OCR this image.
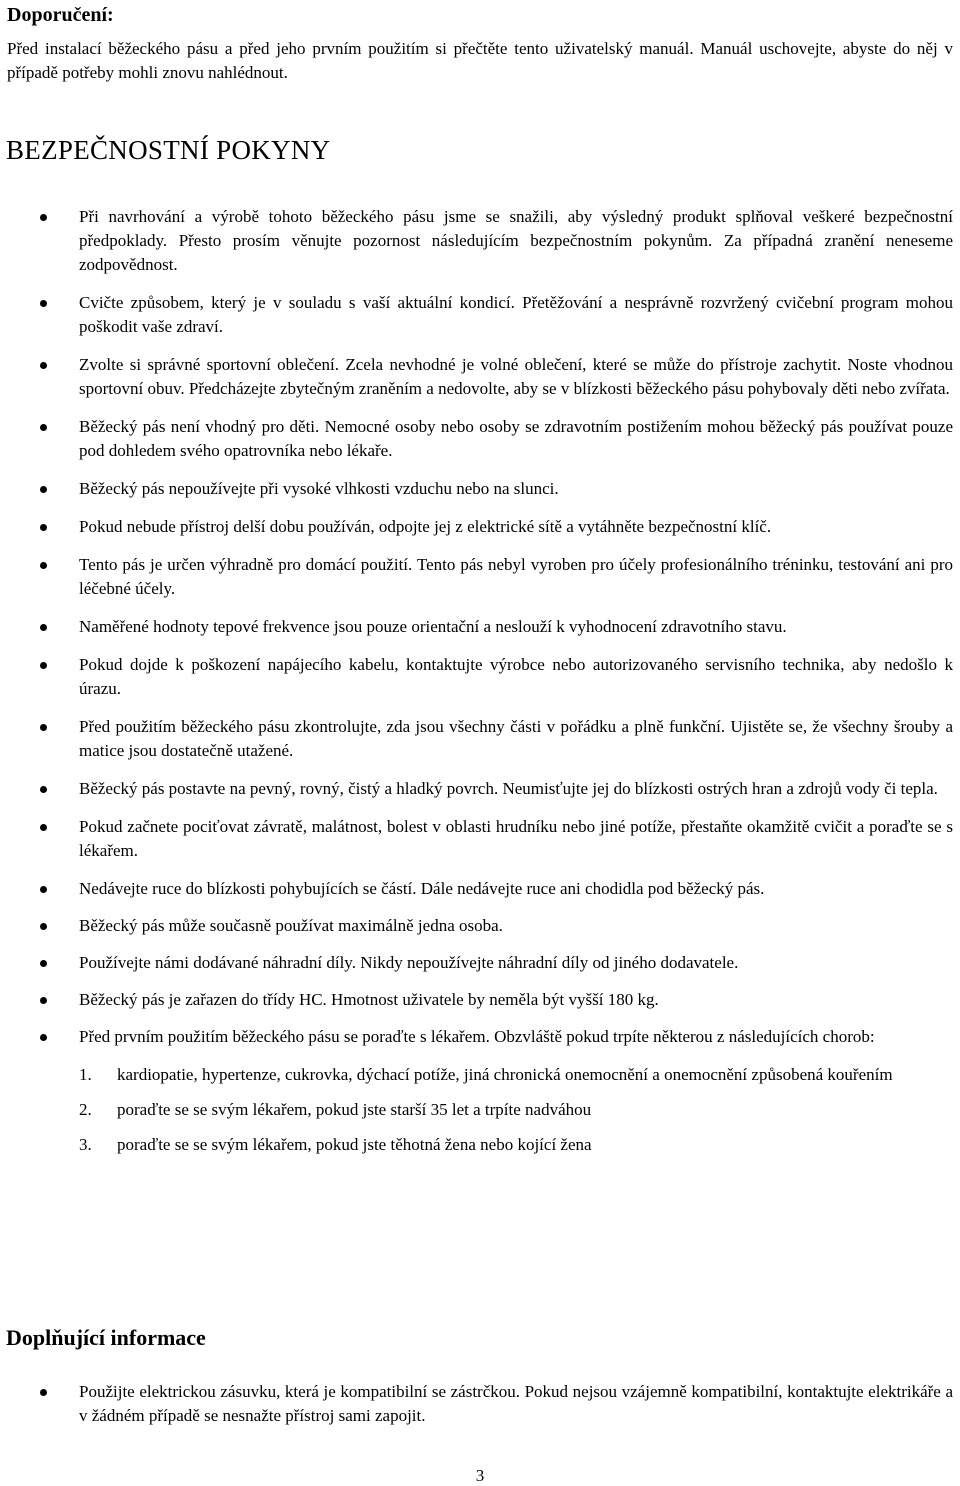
Doporučení:

Před instalací běžeckého pásu a před jeho prvním použitím si přečtěte tento uživatelský manuál. Manuál uschovejte, abyste do něj v případě potřeby mohli znovu nahlédnout.

BEZPEČNOSTNÍ POKYNY
Při navrhování a výrobě tohoto běžeckého pásu jsme se snažili, aby výsledný produkt splňoval veškeré bezpečnostní předpoklady. Přesto prosím věnujte pozornost následujícím bezpečnostním pokynům. Za případná zranění neneseme zodpovědnost.
Cvičte způsobem, který je v souladu s vaší aktuální kondicí. Přetěžování a nesprávně rozvržený cvičební program mohou poškodit vaše zdraví.
Zvolte si správné sportovní oblečení. Zcela nevhodné je volné oblečení, které se může do přístroje zachytit. Noste vhodnou sportovní obuv. Předcházejte zbytečným zraněním a nedovolte, aby se v blízkosti běžeckého pásu pohybovaly děti nebo zvířata.
Běžecký pás není vhodný pro děti. Nemocné osoby nebo osoby se zdravotním postižením mohou běžecký pás používat pouze pod dohledem svého opatrovníka nebo lékaře.
Běžecký pás nepoužívejte při vysoké vlhkosti vzduchu nebo na slunci.
Pokud nebude přístroj delší dobu používán, odpojte jej z elektrické sítě a vytáhněte bezpečnostní klíč.
Tento pás je určen výhradně pro domácí použití. Tento pás nebyl vyroben pro účely profesionálního tréninku, testování ani pro léčebné účely.
Naměřené hodnoty tepové frekvence jsou pouze orientační a neslouží k vyhodnocení zdravotního stavu.
Pokud dojde k poškození napájecího kabelu, kontaktujte výrobce nebo autorizovaného servisního technika, aby nedošlo k úrazu.
Před použitím běžeckého pásu zkontrolujte, zda jsou všechny části v pořádku a plně funkční. Ujistěte se, že všechny šrouby a matice jsou dostatečně utažené.
Běžecký pás postavte na pevný, rovný, čistý a hladký povrch. Neumisťujte jej do blízkosti ostrých hran a zdrojů vody či tepla.
Pokud začnete pociťovat závratě, malátnost, bolest v oblasti hrudníku nebo jiné potíže, přestaňte okamžitě cvičit a poraďte se s lékařem.
Nedávejte ruce do blízkosti pohybujících se částí. Dále nedávejte ruce ani chodidla pod běžecký pás.
Běžecký pás může současně používat maximálně jedna osoba.
Používejte námi dodávané náhradní díly. Nikdy nepoužívejte náhradní díly od jiného dodavatele.
Běžecký pás je zařazen do třídy HC. Hmotnost uživatele by neměla být vyšší 180 kg.
Před prvním použitím běžeckého pásu se poraďte s lékařem. Obzvláště pokud trpíte některou z následujících chorob:
1. kardiopatie, hypertenze, cukrovka, dýchací potíže, jiná chronická onemocnění a onemocnění způsobená kouřením
2. poraďte se se svým lékařem, pokud jste starší 35 let a trpíte nadváhou
3. poraďte se se svým lékařem, pokud jste těhotná žena nebo kojící žena
Doplňující informace
Použijte elektrickou zásuvku, která je kompatibilní se zástrčkou. Pokud nejsou vzájemně kompatibilní, kontaktujte elektrikáře a v žádném případě se nesnažte přístroj sami zapojit.
3
